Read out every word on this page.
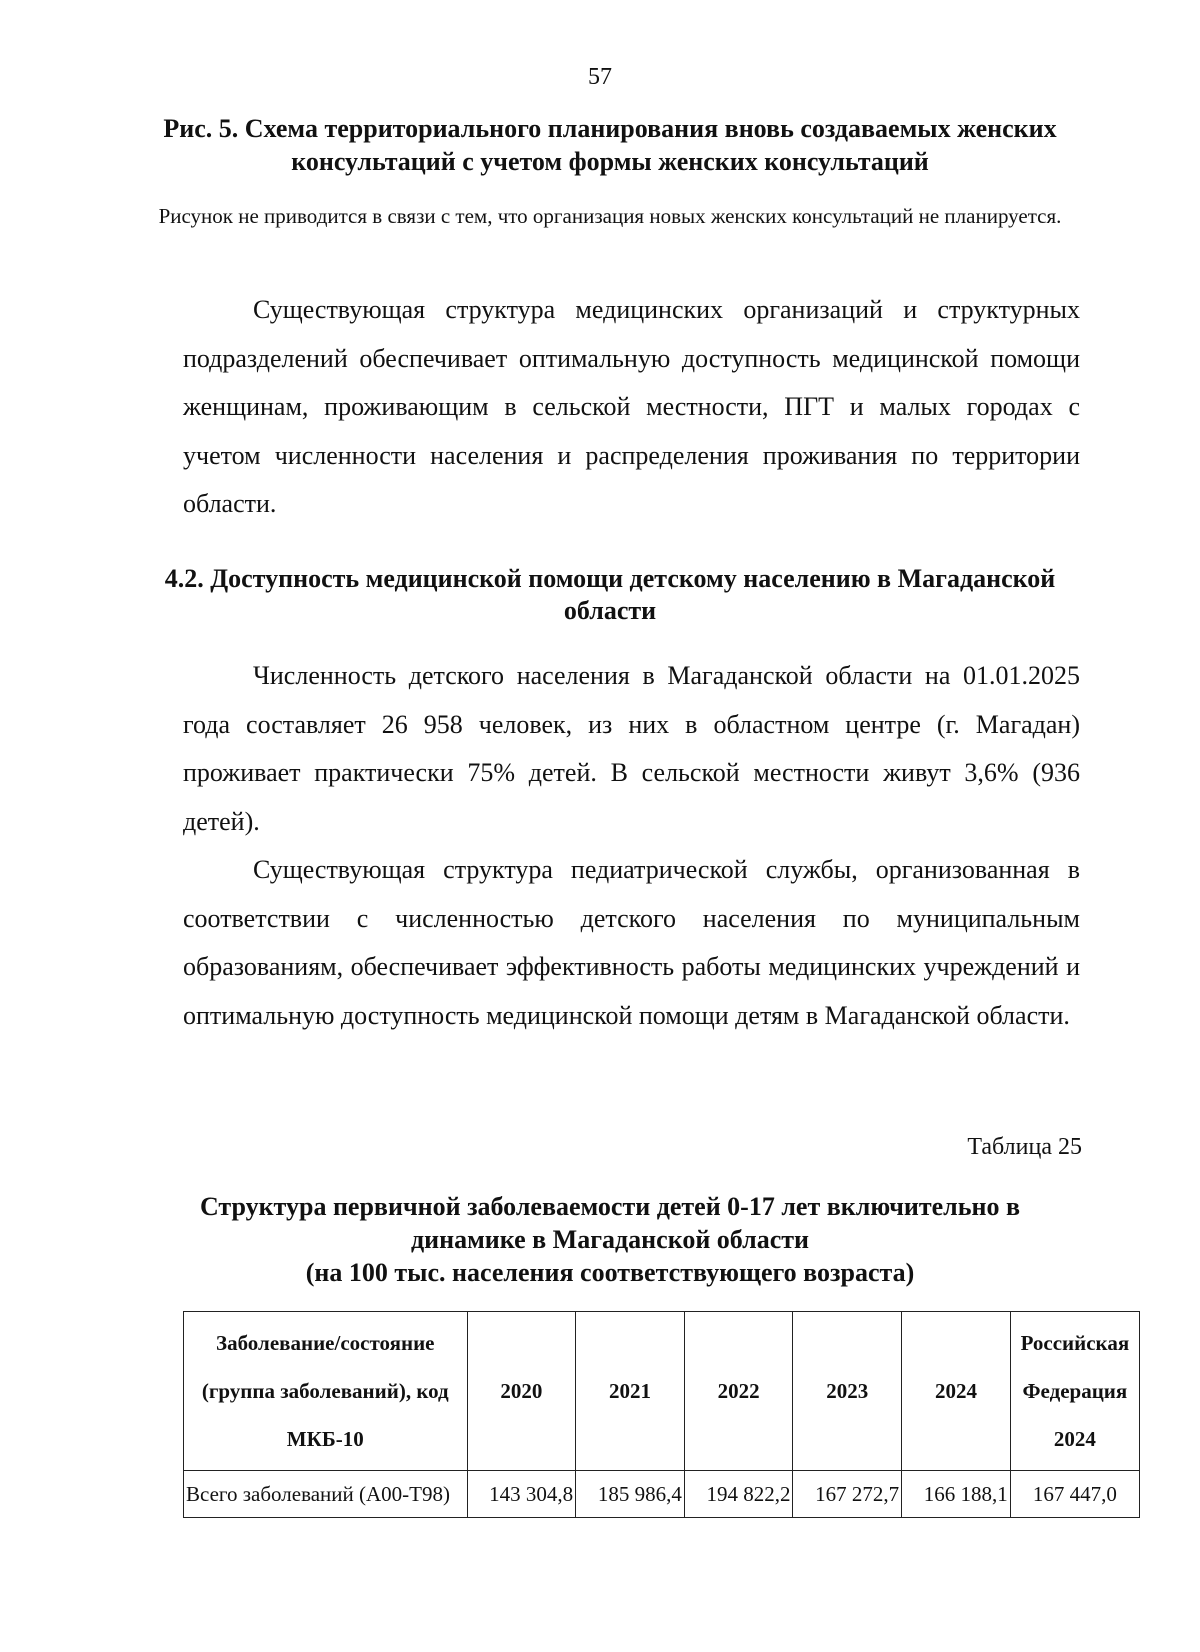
57
Рис. 5. Схема территориального планирования вновь создаваемых женских консультаций с учетом формы женских консультаций
Рисунок не приводится в связи с тем, что организация новых женских консультаций не планируется.

Существующая структура медицинских организаций и структурных подразделений обеспечивает оптимальную доступность медицинской помощи женщинам, проживающим в сельской местности, ПГТ и малых городах с учетом численности населения и распределения проживания по территории области.

4.2. Доступность медицинской помощи детскому населению в Магаданской области

Численность детского населения в Магаданской области на 01.01.2025 года составляет 26 958 человек, из них в областном центре (г. Магадан) проживает практически 75% детей. В сельской местности живут 3,6% (936 детей).

Существующая структура педиатрической службы, организованная в соответствии с численностью детского населения по муниципальным образованиям, обеспечивает эффективность работы медицинских учреждений и оптимальную доступность медицинской помощи детям в Магаданской области.

Таблица 25
Структура первичной заболеваемости детей 0-17 лет включительно в
динамике в Магаданской области
(на 100 тыс. населения соответствующего возраста)
Заболевание/состояние (группа заболеваний), код МКБ-10	2020	2021	2022	2023	2024	Российская Федерация 2024
Всего заболеваний (А00-Т98)	143 304,8	185 986,4	194 822,2	167 272,7	166 188,1	167 447,0
